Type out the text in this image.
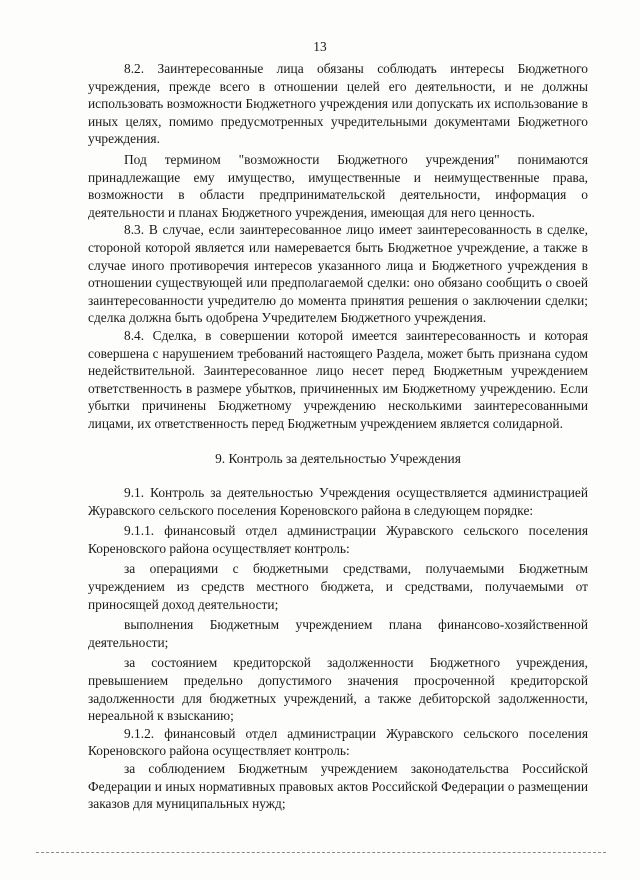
13

8.2. Заинтересованные лица обязаны соблюдать интересы Бюджетного учреждения, прежде всего в отношении целей его деятельности, и не должны использовать возможности Бюджетного учреждения или допускать их использование в иных целях, помимо предусмотренных учредительными документами Бюджетного учреждения.

Под термином "возможности Бюджетного учреждения" понимаются принадлежащие ему имущество, имущественные и неимущественные права, возможности в области предпринимательской деятельности, информация о деятельности и планах Бюджетного учреждения, имеющая для него ценность.

8.3. В случае, если заинтересованное лицо имеет заинтересованность в сделке, стороной которой является или намеревается быть Бюджетное учреждение, а также в случае иного противоречия интересов указанного лица и Бюджетного учреждения в отношении существующей или предполагаемой сделки: оно обязано сообщить о своей заинтересованности учредителю до момента принятия решения о заключении сделки; сделка должна быть одобрена Учредителем Бюджетного учреждения.

8.4. Сделка, в совершении которой имеется заинтересованность и которая совершена с нарушением требований настоящего Раздела, может быть признана судом недействительной. Заинтересованное лицо несет перед Бюджетным учреждением ответственность в размере убытков, причиненных им Бюджетному учреждению. Если убытки причинены Бюджетному учреждению несколькими заинтересованными лицами, их ответственность перед Бюджетным учреждением является солидарной.

9. Контроль за деятельностью Учреждения

9.1. Контроль за деятельностью Учреждения осуществляется администрацией Журавского сельского поселения Кореновского района в следующем порядке:

9.1.1. финансовый отдел администрации Журавского сельского поселения Кореновского района осуществляет контроль:

за операциями с бюджетными средствами, получаемыми Бюджетным учреждением из средств местного бюджета, и средствами, получаемыми от приносящей доход деятельности;

выполнения Бюджетным учреждением плана финансово-хозяйственной деятельности;

за состоянием кредиторской задолженности Бюджетного учреждения, превышением предельно допустимого значения просроченной кредиторской задолженности для бюджетных учреждений, а также дебиторской задолженности, нереальной к взысканию;

9.1.2. финансовый отдел администрации Журавского сельского поселения Кореновского района осуществляет контроль:

за соблюдением Бюджетным учреждением законодательства Российской Федерации и иных нормативных правовых актов Российской Федерации о размещении заказов для муниципальных нужд;
